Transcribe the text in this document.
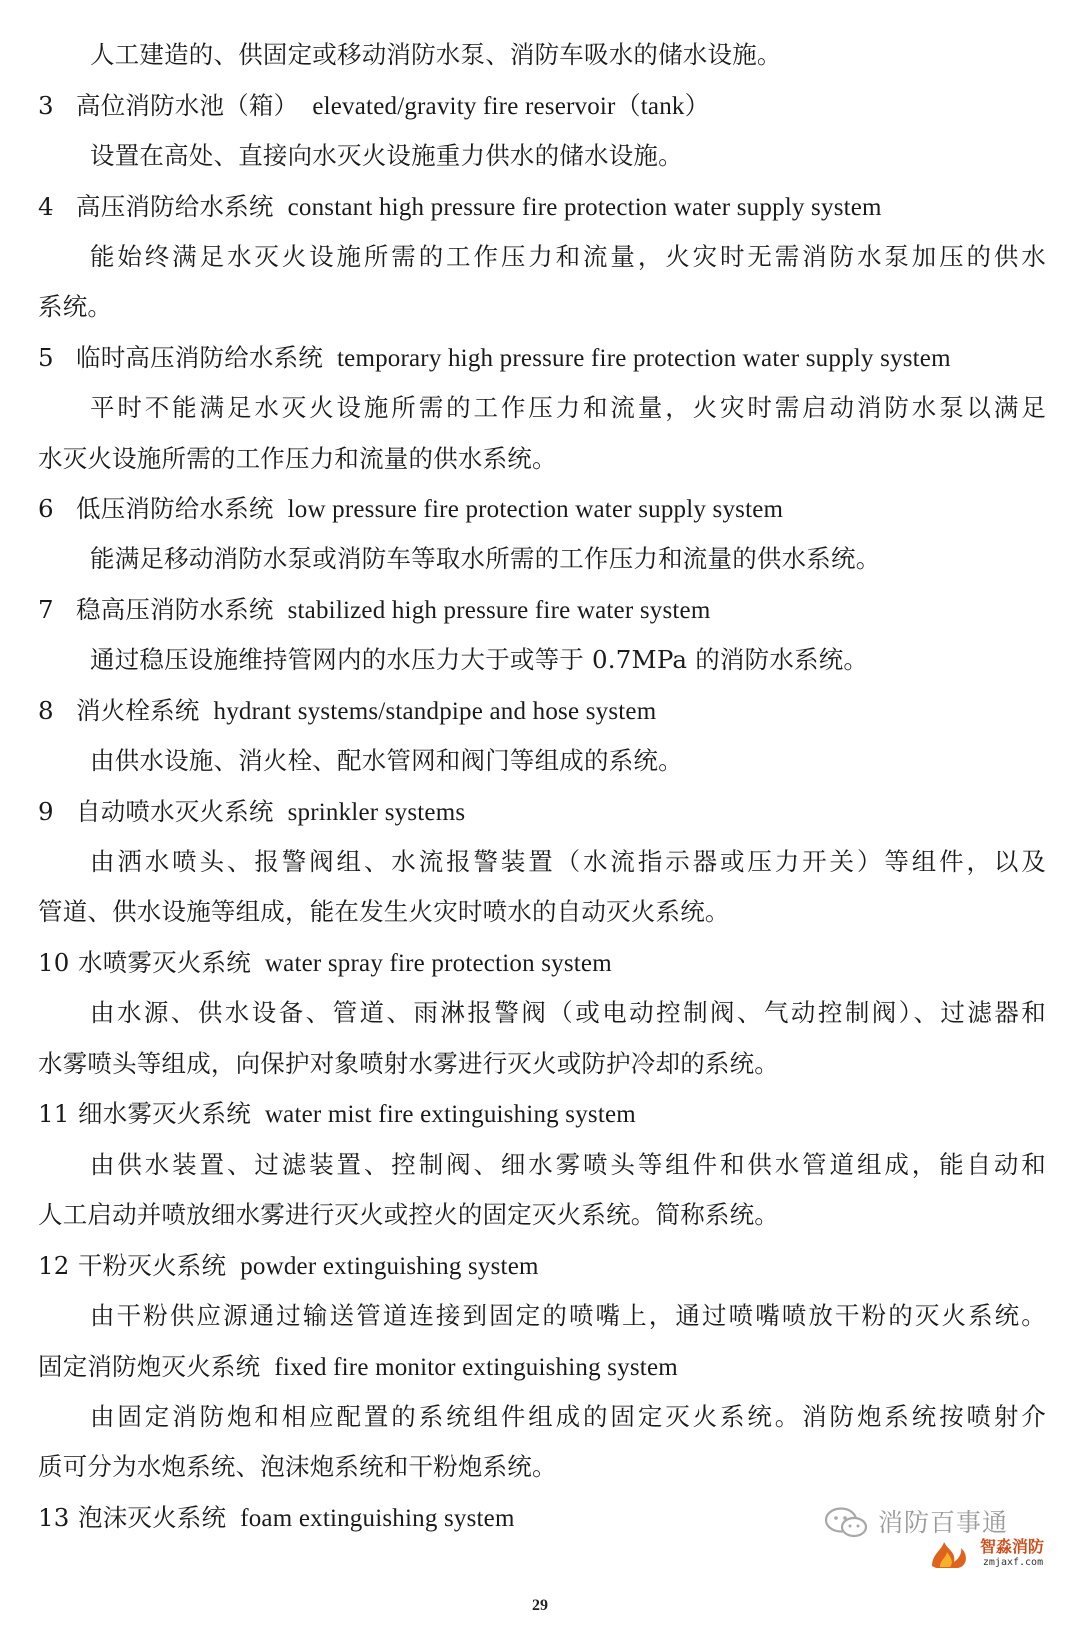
人工建造的、供固定或移动消防水泵、消防车吸水的储水设施。
3 高位消防水池（箱） elevated/gravity fire reservoir（tank）
设置在高处、直接向水灭火设施重力供水的储水设施。
4 高压消防给水系统 constant high pressure fire protection water supply system
能始终满足水灭火设施所需的工作压力和流量，火灾时无需消防水泵加压的供水
系统。
5 临时高压消防给水系统 temporary high pressure fire protection water supply system
平时不能满足水灭火设施所需的工作压力和流量，火灾时需启动消防水泵以满足
水灭火设施所需的工作压力和流量的供水系统。
6 低压消防给水系统 low pressure fire protection water supply system
能满足移动消防水泵或消防车等取水所需的工作压力和流量的供水系统。
7 稳高压消防水系统 stabilized high pressure fire water system
通过稳压设施维持管网内的水压力大于或等于 0.7MPa 的消防水系统。
8 消火栓系统 hydrant systems/standpipe and hose system
由供水设施、消火栓、配水管网和阀门等组成的系统。
9 自动喷水灭火系统 sprinkler systems
由洒水喷头、报警阀组、水流报警装置（水流指示器或压力开关）等组件，以及
管道、供水设施等组成，能在发生火灾时喷水的自动灭火系统。
10 水喷雾灭火系统 water spray fire protection system
由水源、供水设备、管道、雨淋报警阀（或电动控制阀、气动控制阀）、过滤器和
水雾喷头等组成，向保护对象喷射水雾进行灭火或防护冷却的系统。
11 细水雾灭火系统 water mist fire extinguishing system
由供水装置、过滤装置、控制阀、细水雾喷头等组件和供水管道组成，能自动和
人工启动并喷放细水雾进行灭火或控火的固定灭火系统。简称系统。
12 干粉灭火系统 powder extinguishing system
由干粉供应源通过输送管道连接到固定的喷嘴上，通过喷嘴喷放干粉的灭火系统。
固定消防炮灭火系统 fixed fire monitor extinguishing system
由固定消防炮和相应配置的系统组件组成的固定灭火系统。消防炮系统按喷射介
质可分为水炮系统、泡沫炮系统和干粉炮系统。
13 泡沫灭火系统 foam extinguishing system
29
消防百事通
智淼消防
zmjaxf.com
